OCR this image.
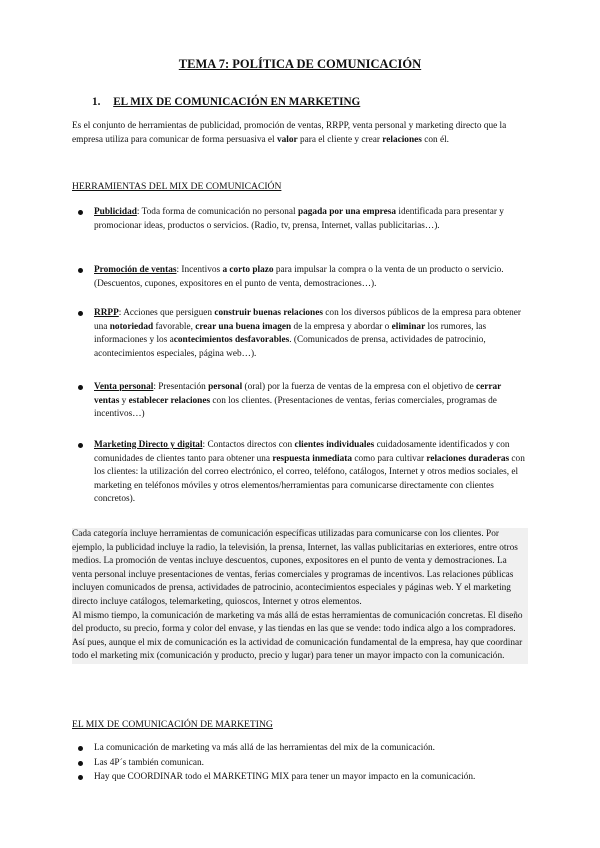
TEMA 7: POLÍTICA DE COMUNICACIÓN
1. EL MIX DE COMUNICACIÓN EN MARKETING
Es el conjunto de herramientas de publicidad, promoción de ventas, RRPP, venta personal y marketing directo que la empresa utiliza para comunicar de forma persuasiva el valor para el cliente y crear relaciones con él.
HERRAMIENTAS DEL MIX DE COMUNICACIÓN
Publicidad: Toda forma de comunicación no personal pagada por una empresa identificada para presentar y promocionar ideas, productos o servicios. (Radio, tv, prensa, Internet, vallas publicitarias…).
Promoción de ventas: Incentivos a corto plazo para impulsar la compra o la venta de un producto o servicio. (Descuentos, cupones, expositores en el punto de venta, demostraciones…).
RRPP: Acciones que persiguen construir buenas relaciones con los diversos públicos de la empresa para obtener una notoriedad favorable, crear una buena imagen de la empresa y abordar o eliminar los rumores, las informaciones y los acontecimientos desfavorables. (Comunicados de prensa, actividades de patrocinio, acontecimientos especiales, página web…).
Venta personal: Presentación personal (oral) por la fuerza de ventas de la empresa con el objetivo de cerrar ventas y establecer relaciones con los clientes. (Presentaciones de ventas, ferias comerciales, programas de incentivos…)
Marketing Directo y digital: Contactos directos con clientes individuales cuidadosamente identificados y con comunidades de clientes tanto para obtener una respuesta inmediata como para cultivar relaciones duraderas con los clientes: la utilización del correo electrónico, el correo, teléfono, catálogos, Internet y otros medios sociales, el marketing en teléfonos móviles y otros elementos/herramientas para comunicarse directamente con clientes concretos).

Cada categoría incluye herramientas de comunicación específicas utilizadas para comunicarse con los clientes. Por ejemplo, la publicidad incluye la radio, la televisión, la prensa, Internet, las vallas publicitarias en exteriores, entre otros medios. La promoción de ventas incluye descuentos, cupones, expositores en el punto de venta y demostraciones. La venta personal incluye presentaciones de ventas, ferias comerciales y programas de incentivos. Las relaciones públicas incluyen comunicados de prensa, actividades de patrocinio, acontecimientos especiales y páginas web. Y el marketing directo incluye catálogos, telemarketing, quioscos, Internet y otros elementos.

Al mismo tiempo, la comunicación de marketing va más allá de estas herramientas de comunicación concretas. El diseño del producto, su precio, forma y color del envase, y las tiendas en las que se vende: todo indica algo a los compradores. Así pues, aunque el mix de comunicación es la actividad de comunicación fundamental de la empresa, hay que coordinar todo el marketing mix (comunicación y producto, precio y lugar) para tener un mayor impacto con la comunicación.

EL MIX DE COMUNICACIÓN DE MARKETING
La comunicación de marketing va más allá de las herramientas del mix de la comunicación.
Las 4P´s también comunican.
Hay que COORDINAR todo el MARKETING MIX para tener un mayor impacto en la comunicación.
